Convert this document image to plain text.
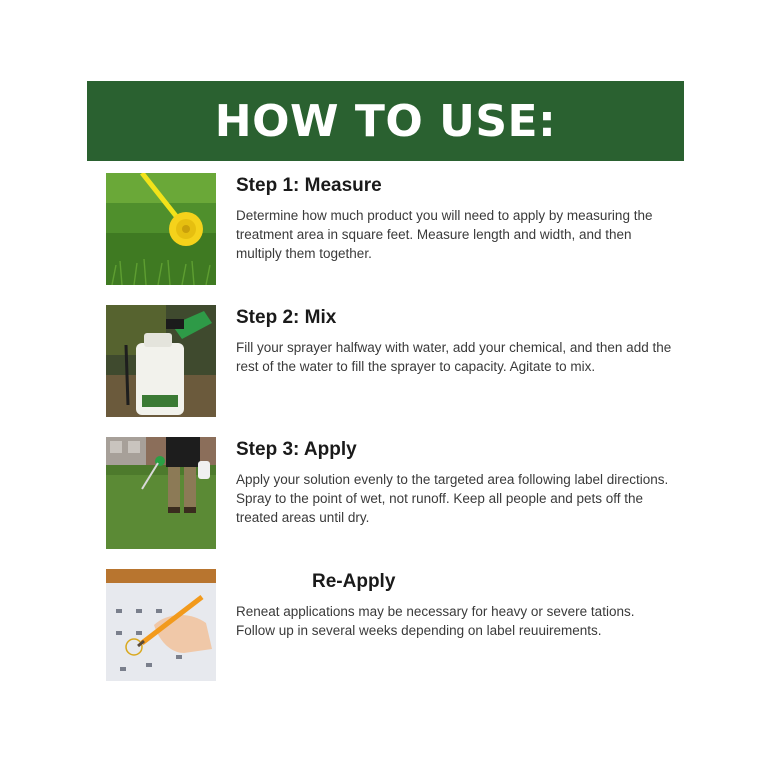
HOW TO USE:
Step 1: Measure

Determine how much product you will need to apply by measuring the treatment area in square feet. Measure length and width, and then multiply them together.

Step 2: Mix

Fill your sprayer halfway with water, add your chemical, and then add the rest of the water to fill the sprayer to capacity. Agitate to mix.

Step 3: Apply

Apply your solution evenly to the targeted area following label directions. Spray to the point of wet, not runoff. Keep all people and pets off the treated areas until dry.

Re-Apply

Reneat applications may be necessary for heavy or severe tations. Follow up in several weeks depending on label reuuirements.
